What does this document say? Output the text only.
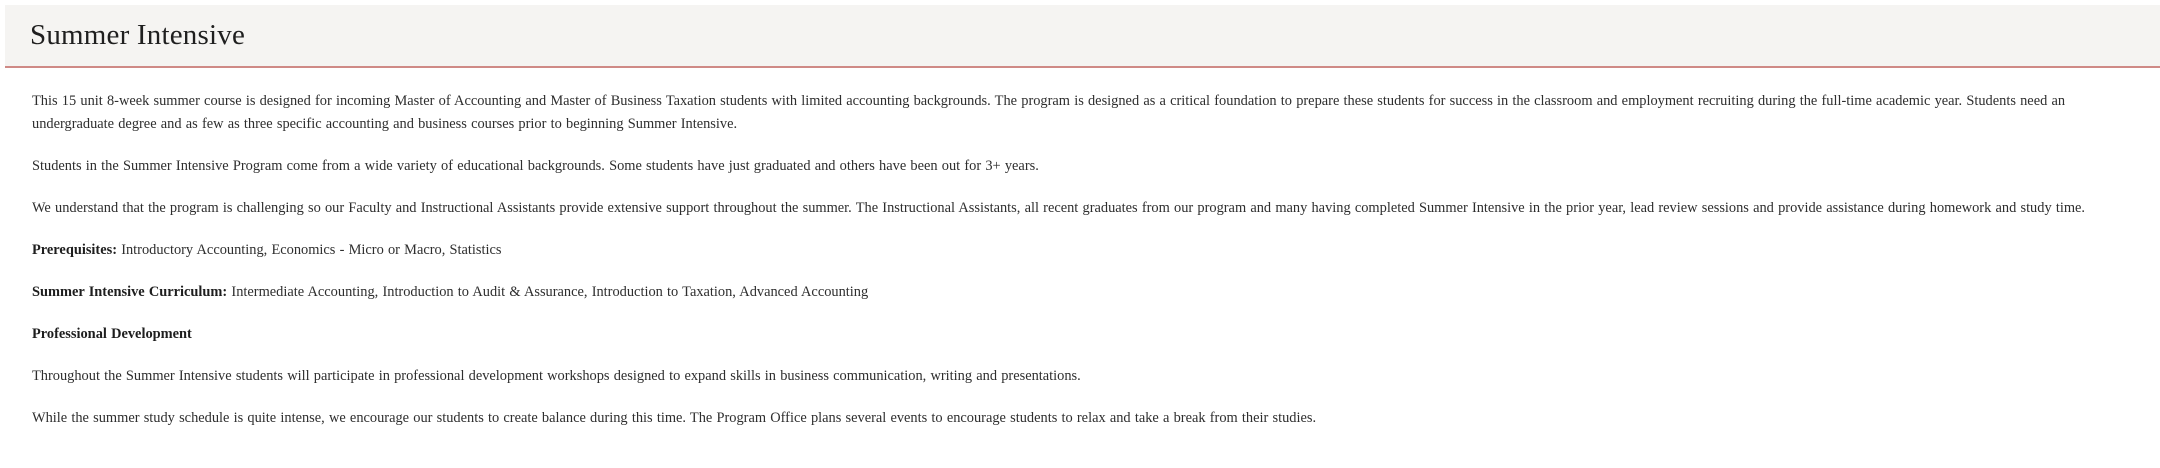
Summer Intensive

This 15 unit 8-week summer course is designed for incoming Master of Accounting and Master of Business Taxation students with limited accounting backgrounds. The program is designed as a critical foundation to prepare these students for success in the classroom and employment recruiting during the full-time academic year. Students need an undergraduate degree and as few as three specific accounting and business courses prior to beginning Summer Intensive.

Students in the Summer Intensive Program come from a wide variety of educational backgrounds. Some students have just graduated and others have been out for 3+ years.

We understand that the program is challenging so our Faculty and Instructional Assistants provide extensive support throughout the summer. The Instructional Assistants, all recent graduates from our program and many having completed Summer Intensive in the prior year, lead review sessions and provide assistance during homework and study time.

Prerequisites: Introductory Accounting, Economics - Micro or Macro, Statistics

Summer Intensive Curriculum: Intermediate Accounting, Introduction to Audit & Assurance, Introduction to Taxation, Advanced Accounting

Professional Development

Throughout the Summer Intensive students will participate in professional development workshops designed to expand skills in business communication, writing and presentations.

While the summer study schedule is quite intense, we encourage our students to create balance during this time. The Program Office plans several events to encourage students to relax and take a break from their studies.
